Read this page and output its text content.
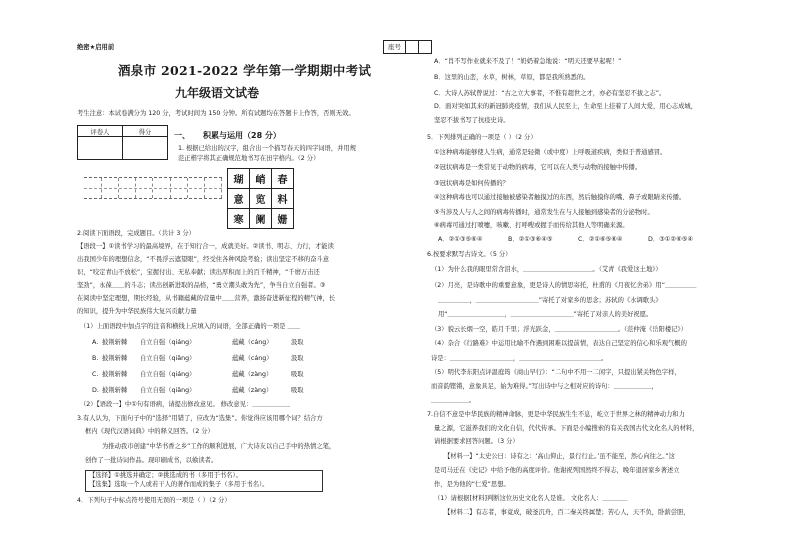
绝密★启用前	座号
酒泉市 2021-2022 学年第一学期期中考试
九年级语文试卷
考生注意：本试卷满分为 120 分，考试时间为 150 分钟。所有试题均在答题卡上作答，否则无效。
评卷人	得分
		一、 积累与运用（28 分）
1. 根据已给出的汉字，组合出一个描写春天的四字词语，并用规
范正楷字将其正确规范地书写在田字格内。（2 分）
瑚	峭	春
意	览	料
寒	阑	姗
2.阅读下面语段，完成题目。（共计 3 分）
【语段一】①读书学习的最高境界，在于知行合一，成就美好。②读书、明志、力行，才能读
出我国少年的理想信念，“不畏浮云遮望眼”，经受住各种风险考验；读出坚定不移的奋斗意
识，“咬定青山不放松”，宝握付出、无私奉献；读出厚积而上的百千精神，“千磨万击还
坚劲”，永葆＿＿的斗志；读出创新进取的品格，“勇立潮头敢为先”，争当自立自强者。③
在阅读中坚定理想，期长经验，从书籍蕴藏的营量中＿＿营养，激扬奋进新征程的精气神，长
的知识，提升为中华民族伟大复兴贡献力量
（1）上面语段中加点字的注音和横线上应填入的词语，全部正确的一项是 ＿＿
A. 披荆斩棘 自立自强（qiáng）	蕴藏（cáng）	汲取
B. 披荆斩棘 自立自强（qiǎng）	蕴藏（cáng）	汲取
C. 披荆斩棘 自立自强（qiáng）	蕴藏（zàng）	吸取
D. 披荆斩棘 自立自强（qiǎng）	蕴藏（zàng）	吸取
（2）【语段一】中①句有语病，请提出修改意见。 修改意见：＿＿＿＿＿＿
3.有人认为，下面句子中的“选择”用错了，应改为“选集”。你觉得应该用哪个词？结合方
框内《现代汉语词典》中的释义回答。（2 分）
为推动我市创建“中华书香之乡”工作的顺利进展，广大诗友以自己手中的热情之笔，
创作了一批诗词作品。现印刷成书，以飨读者。
【选择】①挑选并确定；②挑选成的书（多用于书名）。
【选集】选取一个人或若干人的著作而成的集子（多用于书名）。
4．下列句子中标点符号使用无误的一项是（ ）（2 分）
A．“肖不写作业就来不及了！”奶奶着急地说：“明天还要早起呢！”
B．这里的山峦，水草，树林，草原，都是我所熟悉的。
C．大诗人苏轼曾说过：“古之立大事者，不惟有超世之才，亦必有坚忍不拔之志”。
D．面对突如其来的新冠肺炎疫情，我们从人民至上，生命至上挂着了人间大爱，用心志成城，
坚忍不拔书写了抗疫史诗。
5．下列排列正确的一项是（ ）（2 分）
①这种病毒能够使人生病，通常是轻微（或中度）上呼吸道疾病，类似于普通感冒。
②冠状病毒是一类常见于动物的病毒，它可以在人类与动物的接触中传播。
③冠状病毒是如何传播的？
④这种病毒也可以通过接触被感染者触摸过的东西，然后触摸你的嘴、鼻子或眼睛来传播。
⑤当涉及人与人之间的病毒传播时，通常发生在与人接触到感染者的分泌物时。
⑥病毒可通过打喷嚏，咳嗽、打呼嗖或握手而传给其他人等明确来源。
A．②①③⑤⑥④	B．②①③⑥④⑤	C．②①⑥⑤⑥④	D．③①②⑥⑤④
6.按要求默写古诗文。（5 分）
（1）为什么我的眼里常含泪水，＿＿＿＿＿＿＿＿＿＿＿。（艾青《我爱这土地》）
（2）月亮，是诗歌中的重要意象，更是诗人的情思寄托，杜甫的《月夜忆舍弟》用“＿＿＿＿＿
＿＿＿＿＿，＿＿＿＿＿＿＿＿＿＿”寄托了对家乡的思念；苏轼的《水调歌头》
用“＿＿＿＿＿＿＿＿＿，＿＿＿＿＿＿＿＿＿＿”寄托了对亲人的美好祝愿。
（3）貌云长烟一空，皓月千里；浮光跃金，＿＿＿＿＿＿＿＿＿＿。（范仲淹《岳阳楼记》）
（4）杂合《行路难》中运用比喻不作遇到困难以提前情，表达自己坚定的信心和乐观气概的
诗是：＿＿＿＿＿＿＿＿＿＿，＿＿＿＿＿＿＿＿＿＿＿＿＿。
（5）明代李东阳点评温庭筠《商山早行》：“二句中不用一二闲字，只提出紧关物色字样，
而音韵铿锵，意象具足，始为难得。”写出诗中与之相对应的诗句：＿＿＿＿＿＿，
＿＿＿＿＿＿。
7.自信不意是中华民族的精神命脉，更是中华民族生生不息，屹立于世界之林的精神动力和力
量之源，它滋养我们的文化自信，代代传承。下面是小编搜索的有关我国古代文化名人的材料，
请根据要求回答问题。（3 分）
【材料一】“太史公曰：诗有之：‘高山仰止，景行行止。’虽不能至，然心向往之。”这
是司马迁在《史记》中给予他的高度评价。他谢祝列国然终不得志，晚年退居家乡著述立
作，是为他的“仁爱”思想。
（1）请根据[材料]判断这位历史文化名人是谁。 文化名人：＿＿＿＿
【材料二】有志者，事竟成，破釜沉舟，百二秦关终属楚；苦心人，天不负，卧薪尝胆，
